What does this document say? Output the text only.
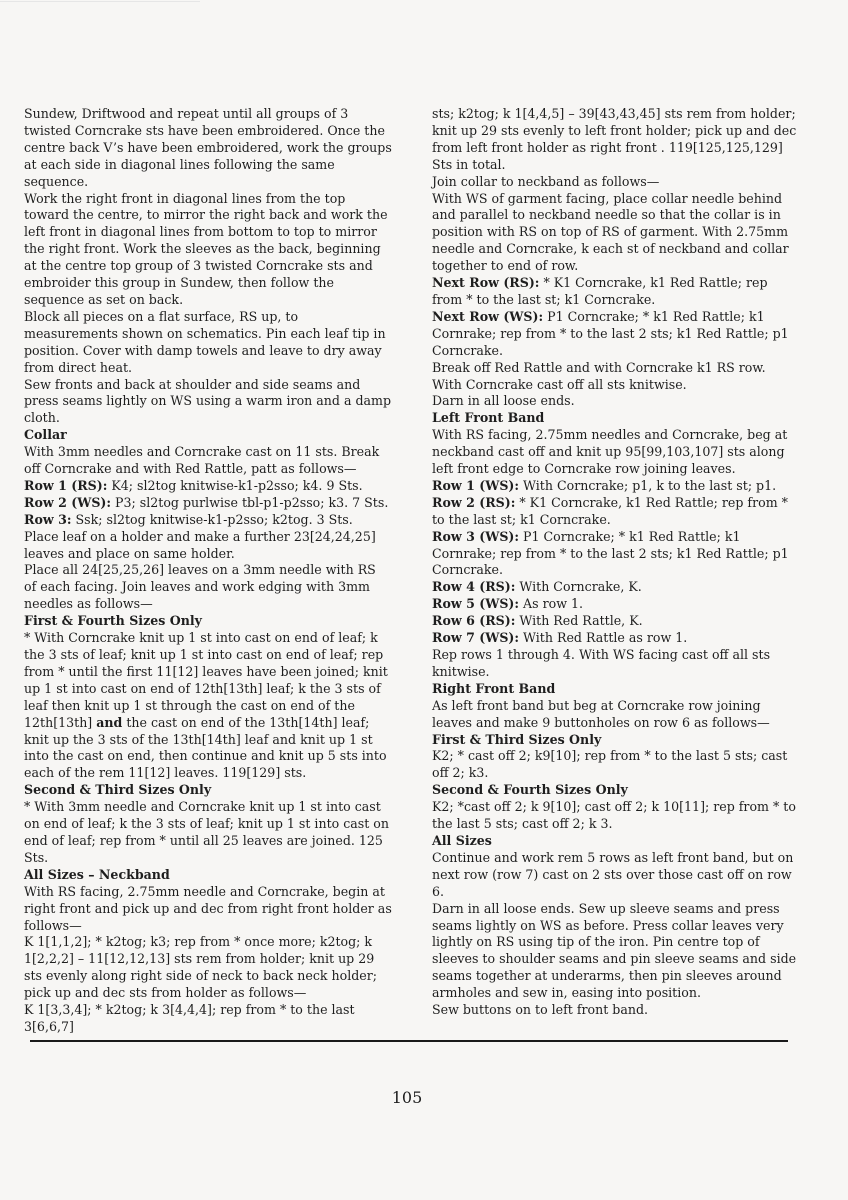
Sundew, Driftwood and repeat until all groups of 3 twisted Corncrake sts have been embroidered. Once the centre back V’s have been embroidered, work the groups at each side in diagonal lines following the same sequence.

Work the right front in diagonal lines from the top toward the centre, to mirror the right back and work the left front in diagonal lines from bottom to top to mirror the right front. Work the sleeves as the back, beginning at the centre top group of 3 twisted Corncrake sts and embroider this group in Sundew, then follow the sequence as set on back.

Block all pieces on a flat surface, RS up, to measurements shown on schematics. Pin each leaf tip in position. Cover with damp towels and leave to dry away from direct heat.

Sew fronts and back at shoulder and side seams and press seams lightly on WS using a warm iron and a damp cloth.

Collar

With 3mm needles and Corncrake cast on 11 sts. Break off Corncrake and with Red Rattle, patt as follows—

Row 1 (RS): K4; sl2tog knitwise-k1-p2sso; k4. 9 Sts.

Row 2 (WS): P3; sl2tog purlwise tbl-p1-p2sso; k3. 7 Sts.

Row 3: Ssk; sl2tog knitwise-k1-p2sso; k2tog. 3 Sts.

Place leaf on a holder and make a further 23[24,24,25] leaves and place on same holder.

Place all 24[25,25,26] leaves on a 3mm needle with RS of each facing. Join leaves and work edging with 3mm needles as follows—

First & Fourth Sizes Only

* With Corncrake knit up 1 st into cast on end of leaf; k the 3 sts of leaf; knit up 1 st into cast on end of leaf; rep from * until the first 11[12] leaves have been joined; knit up 1 st into cast on end of 12th[13th] leaf; k the 3 sts of leaf then knit up 1 st through the cast on end of the 12th[13th] and the cast on end of the 13th[14th] leaf; knit up the 3 sts of the 13th[14th] leaf and knit up 1 st into the cast on end, then continue and knit up 5 sts into each of the rem 11[12] leaves. 119[129] sts.

Second & Third Sizes Only

* With 3mm needle and Corncrake knit up 1 st into cast on end of leaf; k the 3 sts of leaf; knit up 1 st into cast on end of leaf; rep from * until all 25 leaves are joined. 125 Sts.

All Sizes – Neckband

With RS facing, 2.75mm needle and Corncrake, begin at right front and pick up and dec from right front holder as follows—

K 1[1,1,2]; * k2tog; k3; rep from * once more; k2tog; k 1[2,2,2] – 11[12,12,13] sts rem from holder; knit up 29 sts evenly along right side of neck to back neck holder; pick up and dec sts from holder as follows—

K 1[3,3,4]; * k2tog; k 3[4,4,4]; rep from * to the last 3[6,6,7]

sts; k2tog; k 1[4,4,5] – 39[43,43,45] sts rem from holder; knit up 29 sts evenly to left front holder; pick up and dec from left front holder as right front . 119[125,125,129] Sts in total.

Join collar to neckband as follows—

With WS of garment facing, place collar needle behind and parallel to neckband needle so that the collar is in position with RS on top of RS of garment. With 2.75mm needle and Corncrake, k each st of neckband and collar together to end of row.

Next Row (RS): * K1 Corncrake, k1 Red Rattle; rep from * to the last st; k1 Corncrake.

Next Row (WS): P1 Corncrake; * k1 Red Rattle; k1 Cornrake; rep from * to the last 2 sts; k1 Red Rattle; p1 Corncrake.

Break off Red Rattle and with Corncrake k1 RS row. With Corncrake cast off all sts knitwise.

Darn in all loose ends.

Left Front Band

With RS facing, 2.75mm needles and Corncrake, beg at neckband cast off and knit up 95[99,103,107] sts along left front edge to Corncrake row joining leaves.

Row 1 (WS): With Corncrake; p1, k to the last st; p1.

Row 2 (RS): * K1 Corncrake, k1 Red Rattle; rep from * to the last st; k1 Corncrake.

Row 3 (WS): P1 Corncrake; * k1 Red Rattle; k1 Cornrake; rep from * to the last 2 sts; k1 Red Rattle; p1 Corncrake.

Row 4 (RS): With Corncrake, K.

Row 5 (WS): As row 1.

Row 6 (RS): With Red Rattle, K.

Row 7 (WS): With Red Rattle as row 1.

Rep rows 1 through 4. With WS facing cast off all sts knitwise.

Right Front Band

As left front band but beg at Corncrake row joining leaves and make 9 buttonholes on row 6 as follows—

First & Third Sizes Only

K2; * cast off 2; k9[10]; rep from * to the last 5 sts; cast off 2; k3.

Second & Fourth Sizes Only

K2; *cast off 2; k 9[10]; cast off 2; k 10[11]; rep from * to the last 5 sts; cast off 2; k 3.

All Sizes

Continue and work rem 5 rows as left front band, but on next row (row 7) cast on 2 sts over those cast off on row 6.

Darn in all loose ends. Sew up sleeve seams and press seams lightly on WS as before. Press collar leaves very lightly on RS using tip of the iron. Pin centre top of sleeves to shoulder seams and pin sleeve seams and side seams together at underarms, then pin sleeves around armholes and sew in, easing into position.

Sew buttons on to left front band.

105
